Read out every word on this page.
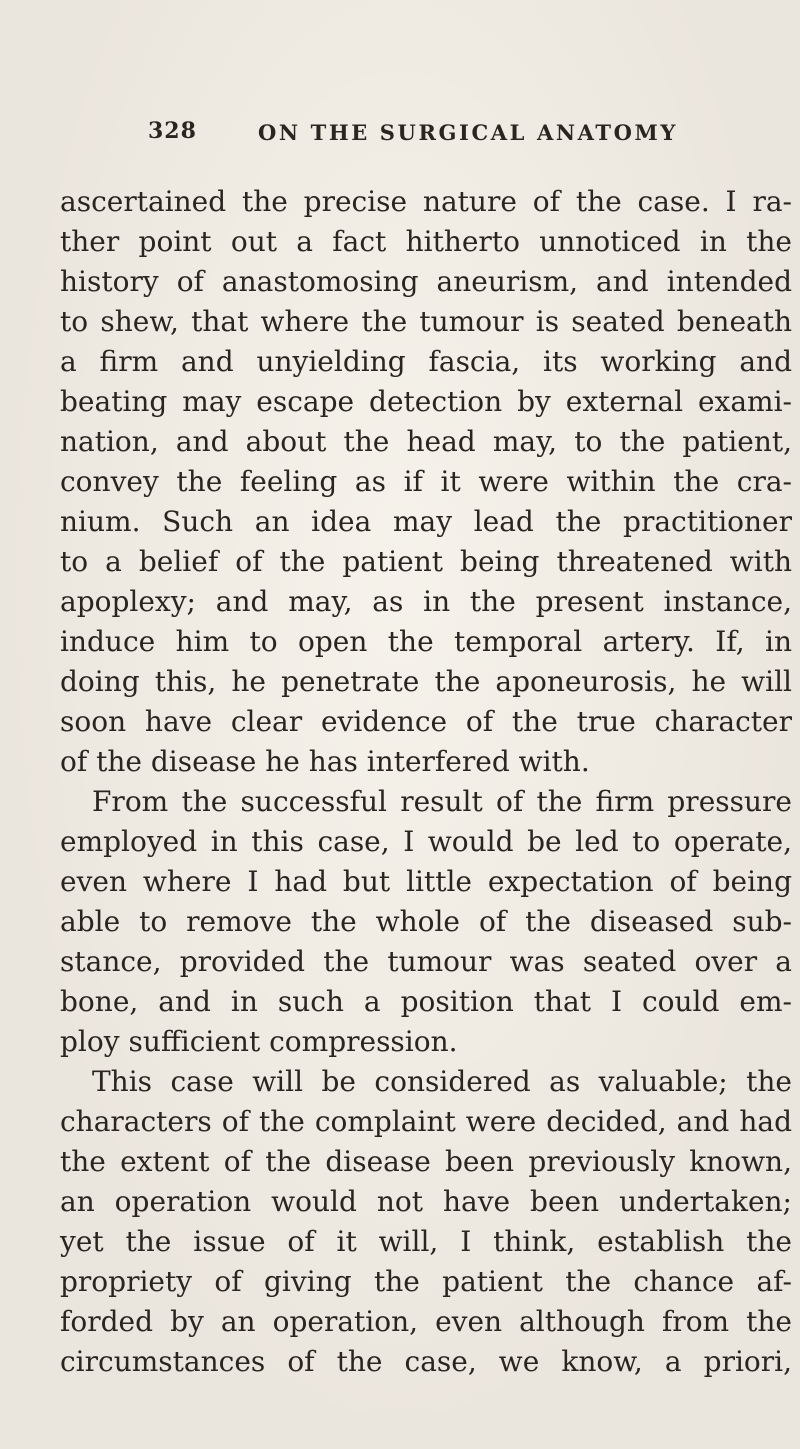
328	ON THE SURGICAL ANATOMY
ascertained the precise nature of the case. I ra-
ther point out a fact hitherto unnoticed in the
history of anastomosing aneurism, and intended
to shew, that where the tumour is seated beneath
a firm and unyielding fascia, its working and
beating may escape detection by external exami-
nation, and about the head may, to the patient,
convey the feeling as if it were within the cra-
nium. Such an idea may lead the practitioner
to a belief of the patient being threatened with
apoplexy; and may, as in the present instance,
induce him to open the temporal artery. If, in
doing this, he penetrate the aponeurosis, he will
soon have clear evidence of the true character
of the disease he has interfered with.
From the successful result of the firm pressure
employed in this case, I would be led to operate,
even where I had but little expectation of being
able to remove the whole of the diseased sub-
stance, provided the tumour was seated over a
bone, and in such a position that I could em-
ploy sufficient compression.
This case will be considered as valuable; the
characters of the complaint were decided, and had
the extent of the disease been previously known,
an operation would not have been undertaken;
yet the issue of it will, I think, establish the
propriety of giving the patient the chance af-
forded by an operation, even although from the
circumstances of the case, we know, a priori,
